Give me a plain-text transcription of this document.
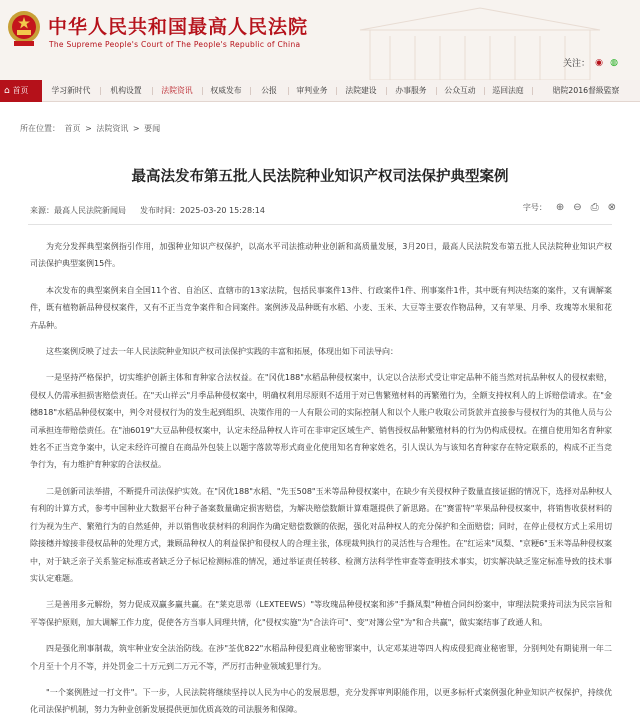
中华人民共和国最高人民法院
The Supreme People's Court of The People's Republic of China
关注： ◉ ◍
⌂ 首页	学习新时代	机构设置	法院资讯	权威发布	公报	审判业务	法院建设	办事服务	公众互动	巡回法庭	賠院2016督級監察
所在位置： 首页 > 法院资讯 > 要闻
最高法发布第五批人民法院种业知识产权司法保护典型案例
来源：最高人民法院新闻局 发布时间：2025-03-20 15:28:14	字号： ⊕ ⊖ ⎙ ⊗

为充分发挥典型案例指引作用，加强种业知识产权保护，以高水平司法推动种业创新和高质量发展，3月20日，最高人民法院发布第五批人民法院种业知识产权司法保护典型案例15件。

本次发布的典型案例来自全国11个省、自治区、直辖市的13家法院，包括民事案件13件、行政案件1件、刑事案件1件，其中既有判决结案的案件，又有调解案件，既有植物新品种侵权案件，又有不正当竞争案件和合同案件。案例涉及品种既有水稻、小麦、玉米、大豆等主要农作物品种，又有苹果、月季、玫瑰等水果和花卉品种。

这些案例反映了过去一年人民法院种业知识产权司法保护实践的丰富和拓展，体现出如下司法导向：

一是坚持严格保护，切实维护创新主体和育种家合法权益。在"冈优188"水稻品种侵权案中，认定以合法形式受让审定品种不能当然对抗品种权人的侵权索赔，侵权人仍需承担损害赔偿责任。在"天山祥云"月季品种侵权案中，明确权利用尽原则不适用于对已售繁殖材料的再繁殖行为，全额支持权利人的上诉赔偿请求。在"金穗818"水稻品种侵权案中，判令对侵权行为的发生起到组织、决策作用的一人有限公司的实际控制人和以个人账户收取公司货款并直接参与侵权行为的其他人员与公司承担连带赔偿责任。在"油6019"大豆品种侵权案中，认定未经品种权人许可在非审定区域生产、销售授权品种繁殖材料的行为仍构成侵权。在擅自使用知名育种家姓名不正当竞争案中，认定未经许可擅自在商品外包装上以题字落款等形式商业化使用知名育种家姓名，引人误认为与该知名育种家存在特定联系的，构成不正当竞争行为，有力维护育种家的合法权益。

二是创新司法举措，不断提升司法保护实效。在"冈优188"水稻、"先玉508"玉米等品种侵权案中，在缺少有关侵权种子数量直接证据的情况下，选择对品种权人有利的计算方式，参考中国种业大数据平台种子备案数量确定损害赔偿，为解决赔偿数额计算难题提供了新思路。在"赛雷特"苹果品种侵权案中，将销售收获材料的行为视为生产、繁殖行为的自然延伸，并以销售收获材料的利润作为确定赔偿数额的依据，强化对品种权人的充分保护和全面赔偿；同时，在停止侵权方式上采用切除接穗并嫁接非侵权品种的处理方式，兼顾品种权人的利益保护和侵权人的合理主张，体现裁判执行的灵活性与合理性。在"红运来"凤梨、"京粳6"玉米等品种侵权案中，对于缺乏亲子关系鉴定标准或者缺乏分子标记检测标准的情况，通过举证责任转移、检测方法科学性审查等查明技术事实，切实解决缺乏鉴定标准导致的技术事实认定难题。

三是善用多元解纷，努力促成双赢多赢共赢。在"莱克思蒂（LEXTEEWS）"等玫瑰品种侵权案和涉"手撕凤梨"种植合同纠纷案中，审理法院秉持司法为民宗旨和平等保护原则，加大调解工作力度，促使各方当事人同理共情，化"侵权实施"为"合法许可"、变"对簿公堂"为"和合共赢"，做实案结事了政通人和。

四是强化刑事制裁，筑牢种业安全法治防线。在涉"荃优822"水稻品种侵犯商业秘密罪案中，认定邓某进等四人构成侵犯商业秘密罪，分别判处有期徒刑一年二个月至十个月不等，并处罚金二十万元到二万元不等，严厉打击种业领域犯罪行为。

"一个案例胜过一打文件"。下一步，人民法院将继续坚持以人民为中心的发展思想，充分发挥审判职能作用，以更多标杆式案例强化种业知识产权保护，持续优化司法保护机制，努力为种业创新发展提供更加优质高效的司法服务和保障。
